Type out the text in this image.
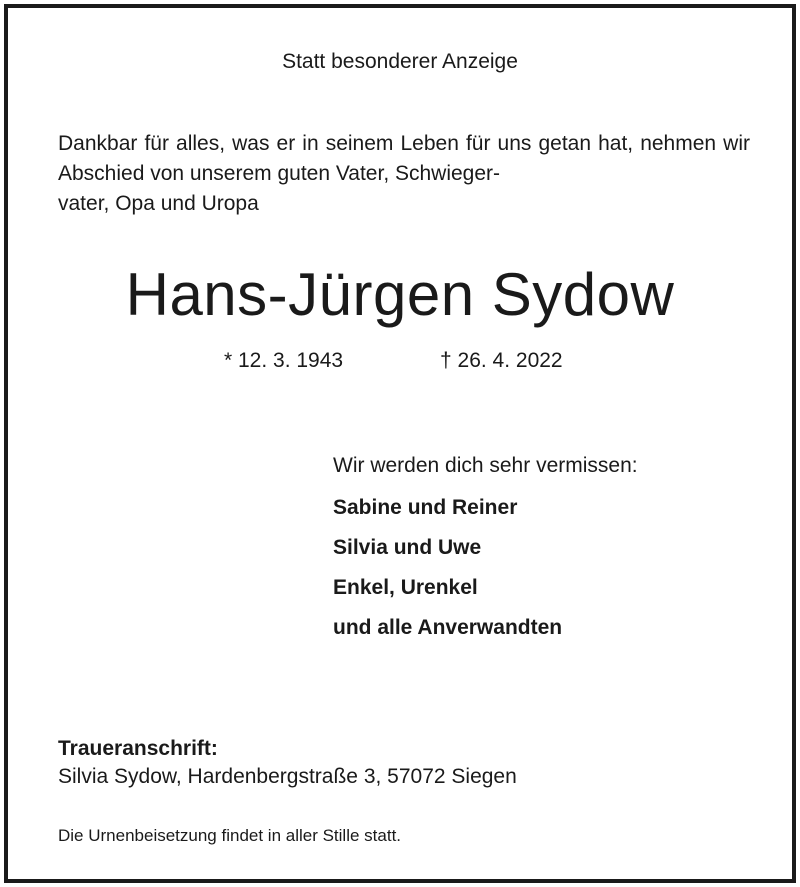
Statt besonderer Anzeige
Dankbar für alles, was er in seinem Leben für uns getan hat, nehmen wir Abschied von unserem guten Vater, Schwieger-
vater, Opa und Uropa
Hans-Jürgen Sydow
* 12. 3. 1943	† 26. 4. 2022
Wir werden dich sehr vermissen:
Sabine und Reiner
Silvia und Uwe
Enkel, Urenkel
und alle Anverwandten
Traueranschrift:
Silvia Sydow, Hardenbergstraße 3, 57072 Siegen
Die Urnenbeisetzung findet in aller Stille statt.
